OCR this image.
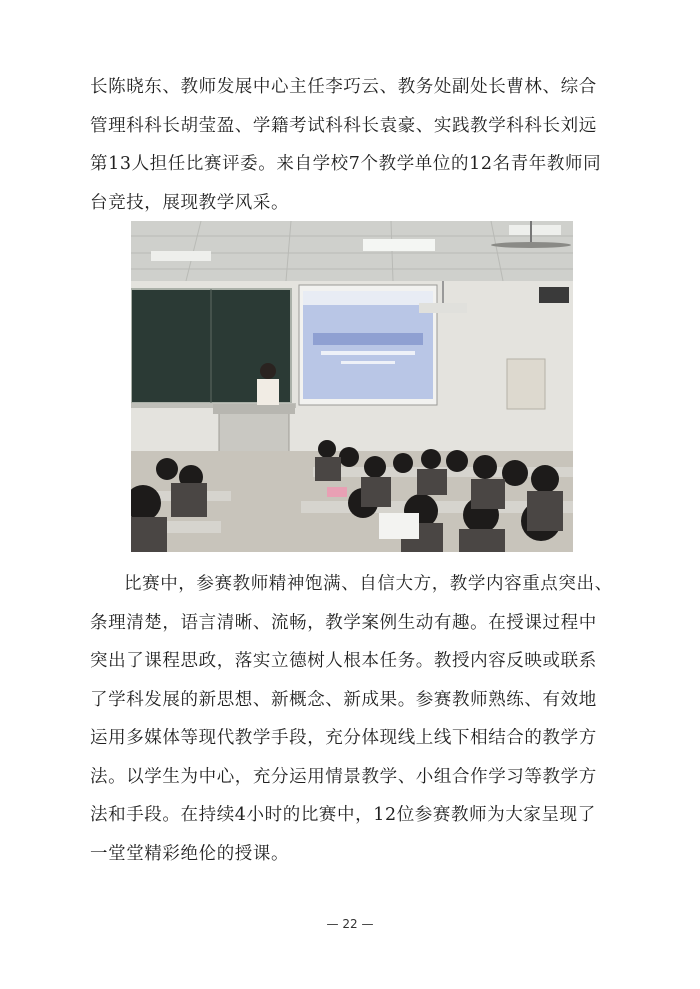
长陈晓东、教师发展中心主任李巧云、教务处副处长曹林、综合
管理科科长胡莹盈、学籍考试科科长袁豪、实践教学科科长刘远
第13人担任比赛评委。来自学校7个教学单位的12名青年教师同
台竞技，展现教学风采。
比赛中，参赛教师精神饱满、自信大方，教学内容重点突出、
条理清楚，语言清晰、流畅，教学案例生动有趣。在授课过程中
突出了课程思政，落实立德树人根本任务。教授内容反映或联系
了学科发展的新思想、新概念、新成果。参赛教师熟练、有效地
运用多媒体等现代教学手段，充分体现线上线下相结合的教学方
法。以学生为中心，充分运用情景教学、小组合作学习等教学方
法和手段。在持续4小时的比赛中，12位参赛教师为大家呈现了
一堂堂精彩绝伦的授课。
— 22 —
